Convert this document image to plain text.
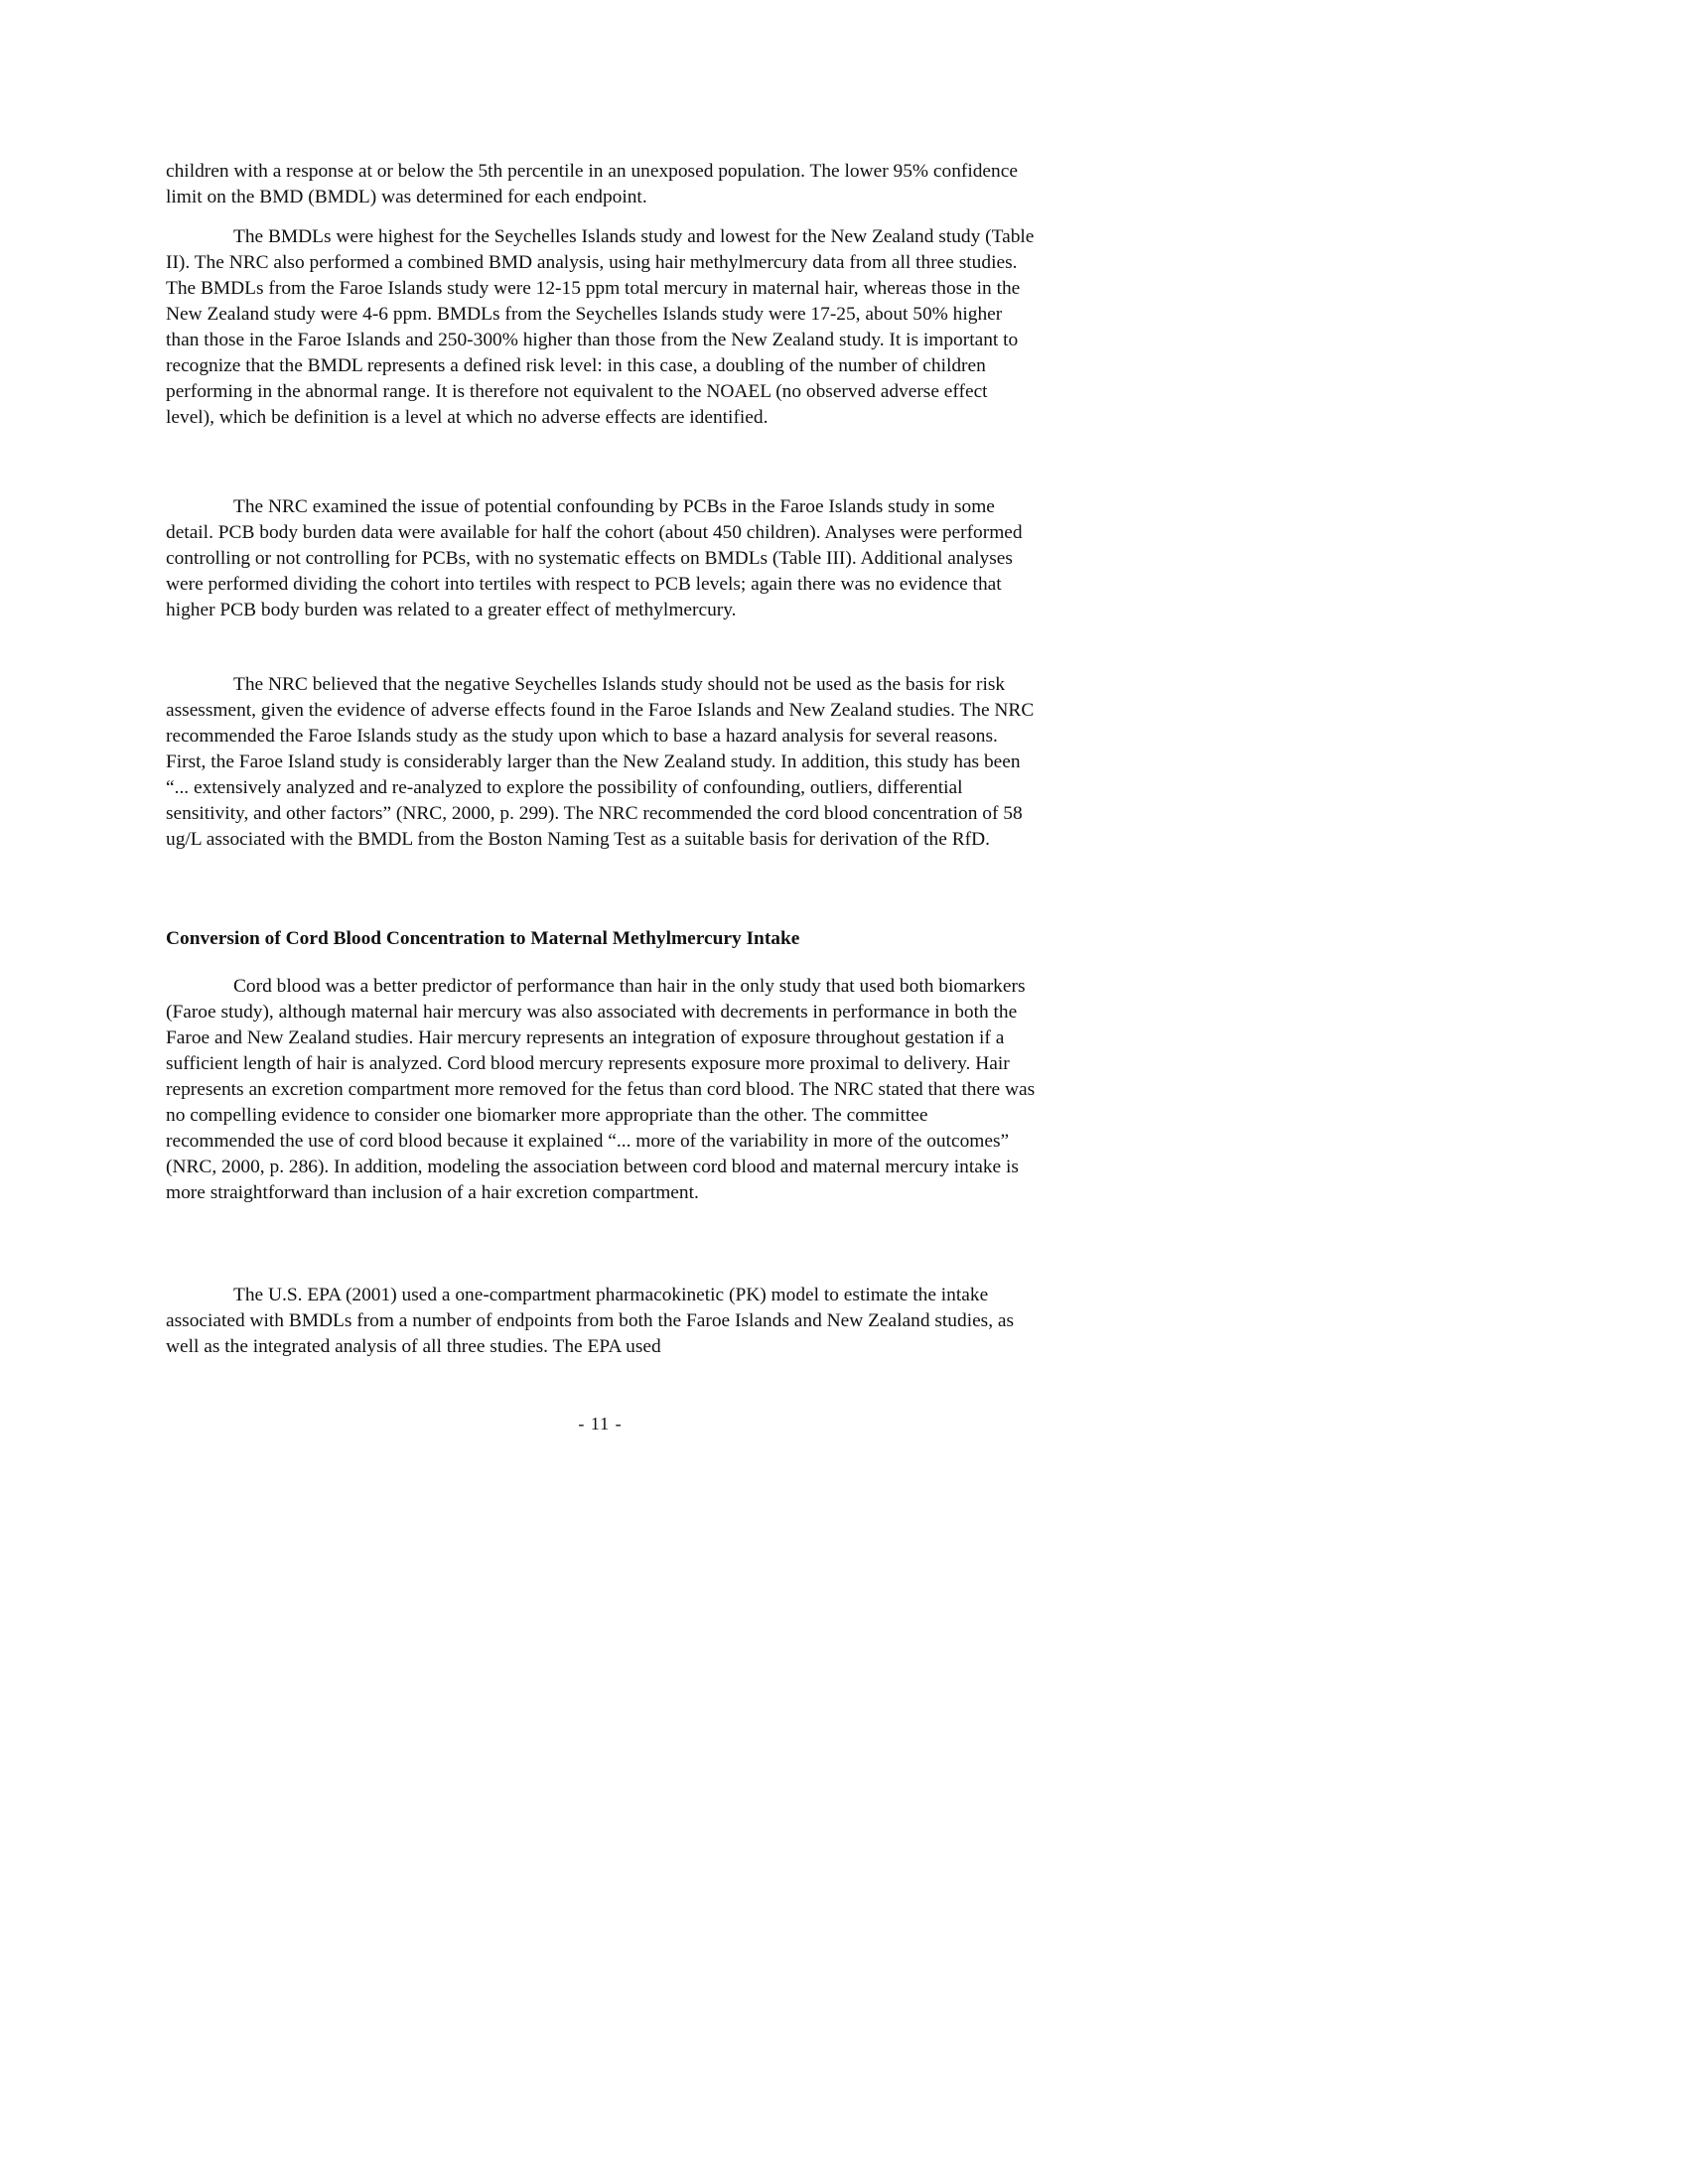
children with a response at or below the 5th percentile in an unexposed population. The lower 95% confidence limit on the BMD (BMDL) was determined for each endpoint.

The BMDLs were highest for the Seychelles Islands study and lowest for the New Zealand study (Table II). The NRC also performed a combined BMD analysis, using hair methylmercury data from all three studies. The BMDLs from the Faroe Islands study were 12-15 ppm total mercury in maternal hair, whereas those in the New Zealand study were 4-6 ppm. BMDLs from the Seychelles Islands study were 17-25, about 50% higher than those in the Faroe Islands and 250-300% higher than those from the New Zealand study. It is important to recognize that the BMDL represents a defined risk level: in this case, a doubling of the number of children performing in the abnormal range. It is therefore not equivalent to the NOAEL (no observed adverse effect level), which be definition is a level at which no adverse effects are identified.

The NRC examined the issue of potential confounding by PCBs in the Faroe Islands study in some detail. PCB body burden data were available for half the cohort (about 450 children). Analyses were performed controlling or not controlling for PCBs, with no systematic effects on BMDLs (Table III). Additional analyses were performed dividing the cohort into tertiles with respect to PCB levels; again there was no evidence that higher PCB body burden was related to a greater effect of methylmercury.

The NRC believed that the negative Seychelles Islands study should not be used as the basis for risk assessment, given the evidence of adverse effects found in the Faroe Islands and New Zealand studies. The NRC recommended the Faroe Islands study as the study upon which to base a hazard analysis for several reasons. First, the Faroe Island study is considerably larger than the New Zealand study. In addition, this study has been “... extensively analyzed and re-analyzed to explore the possibility of confounding, outliers, differential sensitivity, and other factors” (NRC, 2000, p. 299). The NRC recommended the cord blood concentration of 58 ug/L associated with the BMDL from the Boston Naming Test as a suitable basis for derivation of the RfD.

Conversion of Cord Blood Concentration to Maternal Methylmercury Intake

Cord blood was a better predictor of performance than hair in the only study that used both biomarkers (Faroe study), although maternal hair mercury was also associated with decrements in performance in both the Faroe and New Zealand studies. Hair mercury represents an integration of exposure throughout gestation if a sufficient length of hair is analyzed. Cord blood mercury represents exposure more proximal to delivery. Hair represents an excretion compartment more removed for the fetus than cord blood. The NRC stated that there was no compelling evidence to consider one biomarker more appropriate than the other. The committee recommended the use of cord blood because it explained “... more of the variability in more of the outcomes” (NRC, 2000, p. 286). In addition, modeling the association between cord blood and maternal mercury intake is more straightforward than inclusion of a hair excretion compartment.

The U.S. EPA (2001) used a one-compartment pharmacokinetic (PK) model to estimate the intake associated with BMDLs from a number of endpoints from both the Faroe Islands and New Zealand studies, as well as the integrated analysis of all three studies. The EPA used

- 11 -
